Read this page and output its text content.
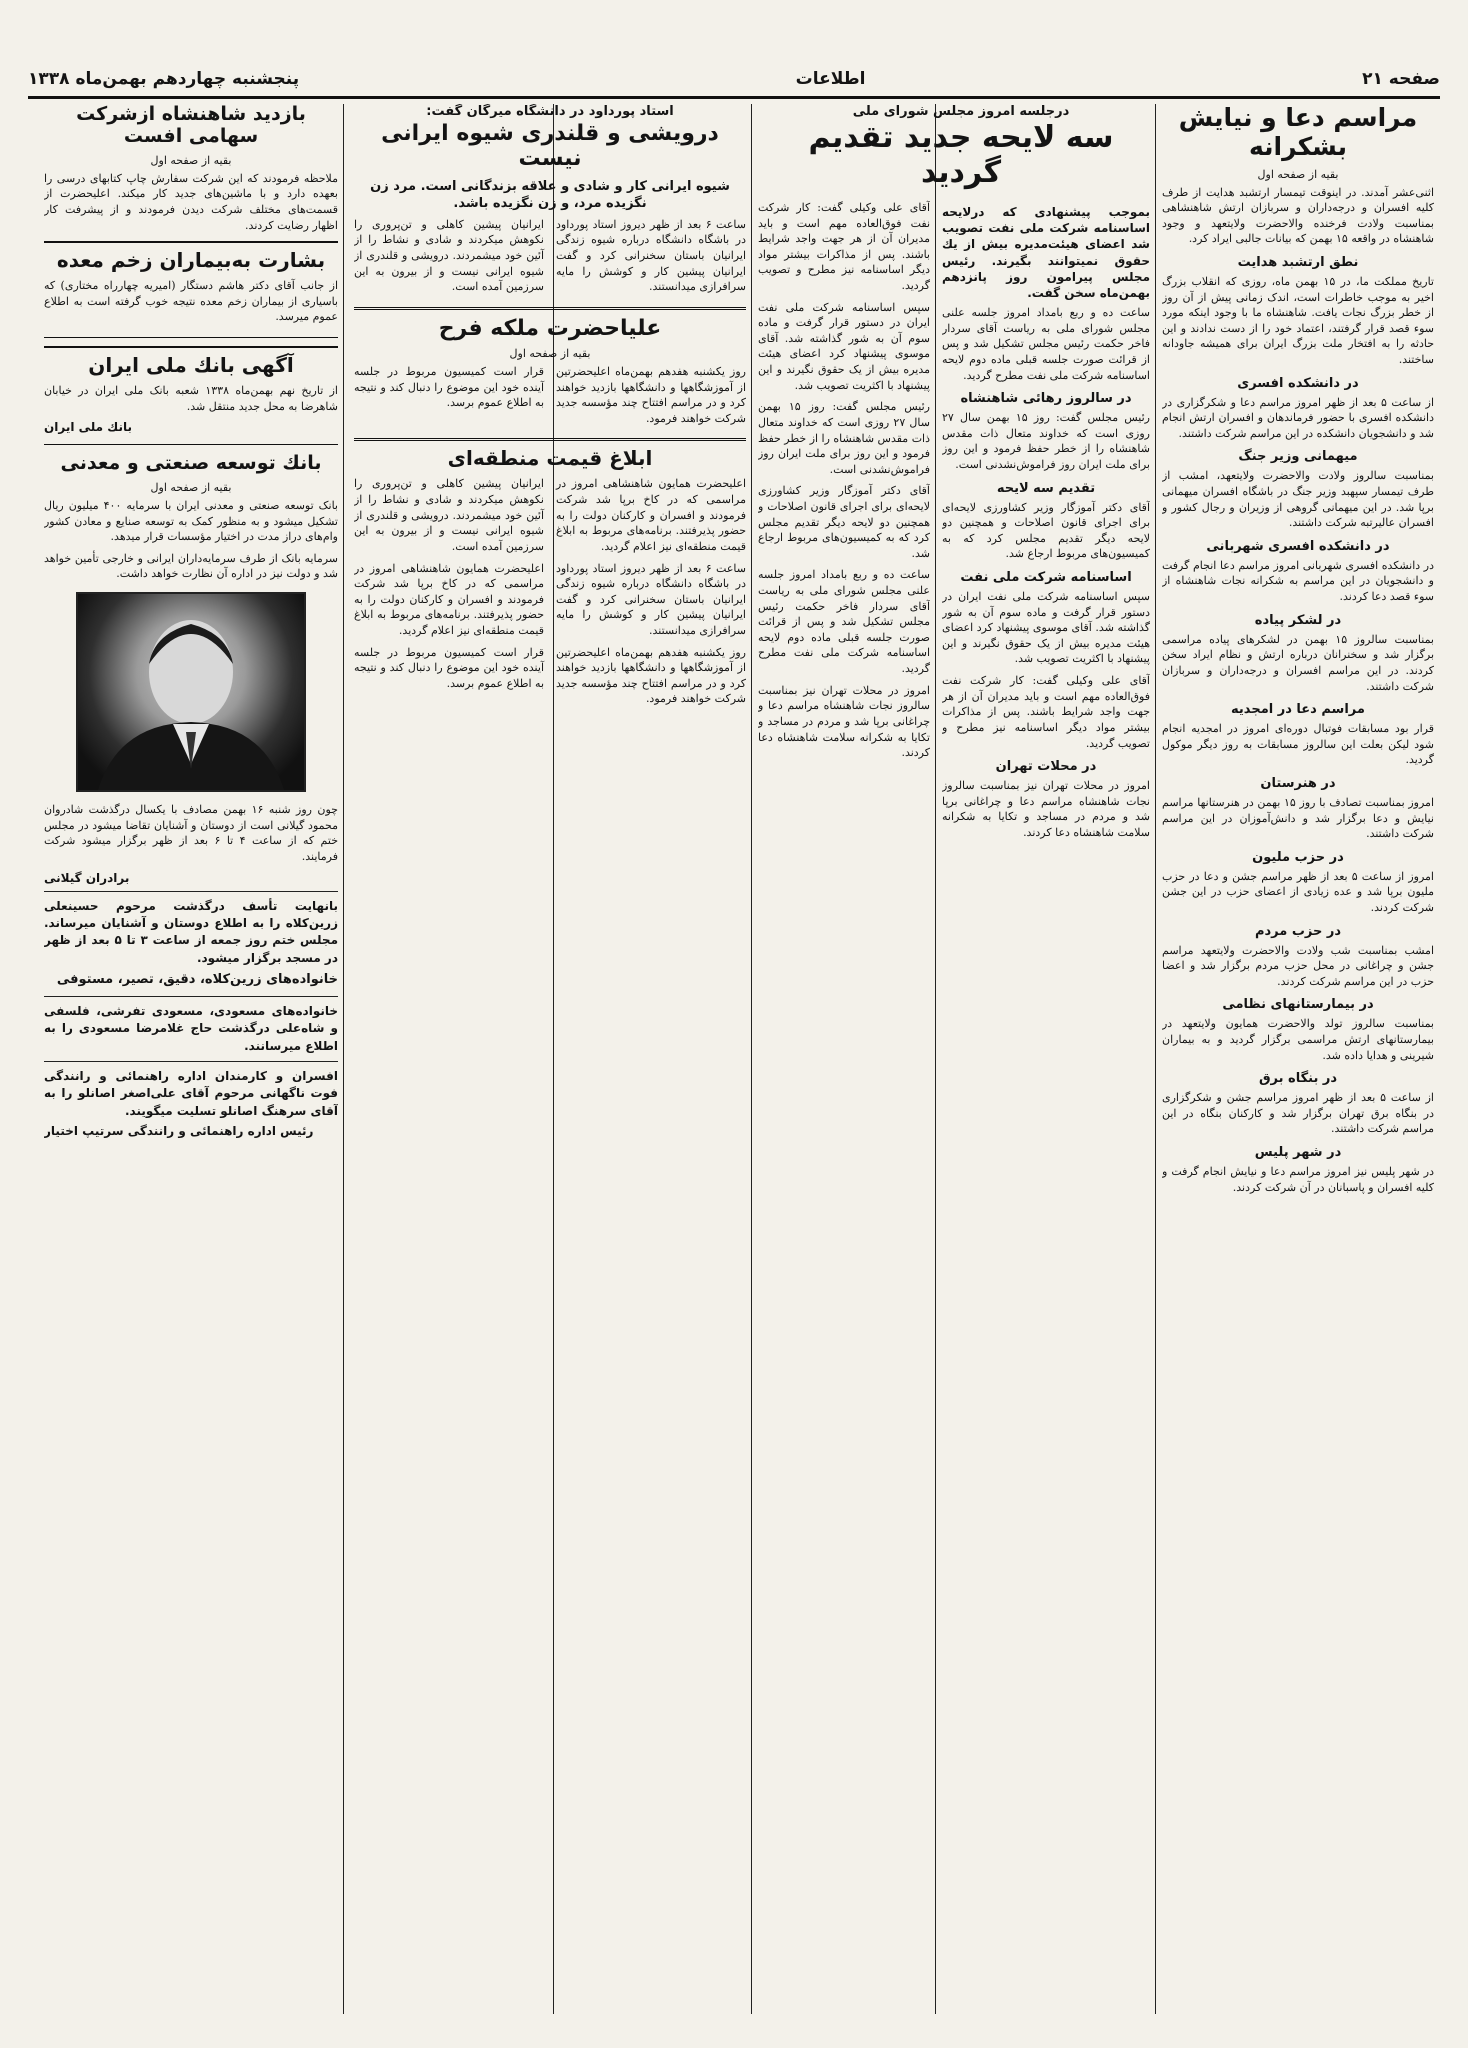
صفحه ۲۱
اطلاعات
پنجشنبه چهاردهم بهمن‌ماه ۱۳۳۸
مراسم دعا و نیایش بشکرانه
بقیه از صفحه اول

اثنی‌عشر آمدند. در اینوقت تیمسار ارتشبد هدایت از طرف کلیه افسران و درجه‌داران و سربازان ارتش شاهنشاهی بمناسبت ولادت فرخنده والاحضرت ولایتعهد و وجود شاهنشاه در واقعه ۱۵ بهمن که بیانات جالبی ایراد کرد.

نطق ارتشبد هدایت

تاریخ مملکت ما، در ۱۵ بهمن ماه، روزی که انقلاب بزرگ اخیر به موجب خاطرات است، اندک زمانی پیش از آن روز از خطر بزرگ نجات یافت. شاهنشاه ما با وجود اینکه مورد سوء قصد قرار گرفتند، اعتماد خود را از دست ندادند و این حادثه را به افتخار ملت بزرگ ایران برای همیشه جاودانه ساختند.

در دانشکده افسری

از ساعت ۵ بعد از ظهر امروز مراسم دعا و شکرگزاری در دانشکده افسری با حضور فرماندهان و افسران ارتش انجام شد و دانشجویان دانشکده در این مراسم شرکت داشتند.

میهمانی وزیر جنگ

بمناسبت سالروز ولادت والاحضرت ولایتعهد، امشب از طرف تیمسار سپهبد وزیر جنگ در باشگاه افسران میهمانی برپا شد. در این میهمانی گروهی از وزیران و رجال کشور و افسران عالیرتبه شرکت داشتند.

در دانشکده افسری شهربانی

در دانشکده افسری شهربانی امروز مراسم دعا انجام گرفت و دانشجویان در این مراسم به شکرانه نجات شاهنشاه از سوء قصد دعا کردند.

در لشکر پیاده

بمناسبت سالروز ۱۵ بهمن در لشکرهای پیاده مراسمی برگزار شد و سخنرانان درباره ارتش و نظام ایراد سخن کردند. در این مراسم افسران و درجه‌داران و سربازان شرکت داشتند.

مراسم دعا در امجدیه

قرار بود مسابقات فوتبال دوره‌ای امروز در امجدیه انجام شود لیکن بعلت این سالروز مسابقات به روز دیگر موکول گردید.

در هنرستان

امروز بمناسبت تصادف با روز ۱۵ بهمن در هنرستانها مراسم نیایش و دعا برگزار شد و دانش‌آموزان در این مراسم شرکت داشتند.

در حزب ملیون

امروز از ساعت ۵ بعد از ظهر مراسم جشن و دعا در حزب ملیون برپا شد و عده زیادی از اعضای حزب در این جشن شرکت کردند.

در حزب مردم

امشب بمناسبت شب ولادت والاحضرت ولایتعهد مراسم جشن و چراغانی در محل حزب مردم برگزار شد و اعضا حزب در این مراسم شرکت کردند.

در بیمارستانهای نظامی

بمناسبت سالروز تولد والاحضرت همایون ولایتعهد در بیمارستانهای ارتش مراسمی برگزار گردید و به بیماران شیرینی و هدایا داده شد.

در بنگاه برق

از ساعت ۵ بعد از ظهر امروز مراسم جشن و شکرگزاری در بنگاه برق تهران برگزار شد و کارکنان بنگاه در این مراسم شرکت داشتند.

در شهر پلیس

در شهر پلیس نیز امروز مراسم دعا و نیایش انجام گرفت و کلیه افسران و پاسبانان در آن شرکت کردند.

درجلسه امروز مجلس شورای ملی
سه لایحه جدید تقدیم گردید

بموجب پیشنهادی که درلایحه اساسنامه شرکت ملی نفت تصویب شد اعضای هیئت‌مدیره بیش از یك حقوق نمیتوانند بگیرند. رئیس مجلس پیرامون روز پانزدهم بهمن‌ماه سخن گفت.

ساعت ده و ربع بامداد امروز جلسه علنی مجلس شورای ملی به ریاست آقای سردار فاخر حکمت رئیس مجلس تشکیل شد و پس از قرائت صورت جلسه قبلی ماده دوم لایحه اساسنامه شرکت ملی نفت مطرح گردید.

در سالروز رهائی شاهنشاه

رئیس مجلس گفت: روز ۱۵ بهمن سال ۲۷ روزی است که خداوند متعال ذات مقدس شاهنشاه را از خطر حفظ فرمود و این روز برای ملت ایران روز فراموش‌نشدنی است.

تقدیم سه لایحه

آقای دکتر آموزگار وزیر کشاورزی لایحه‌ای برای اجرای قانون اصلاحات و همچنین دو لایحه دیگر تقدیم مجلس کرد که به کمیسیون‌های مربوط ارجاع شد.

اساسنامه شرکت ملی نفت

سپس اساسنامه شرکت ملی نفت ایران در دستور قرار گرفت و ماده سوم آن به شور گذاشته شد. آقای موسوی پیشنهاد کرد اعضای هیئت مدیره بیش از یک حقوق نگیرند و این پیشنهاد با اکثریت تصویب شد.

آقای علی وکیلی گفت: کار شرکت نفت فوق‌العاده مهم است و باید مدیران آن از هر جهت واجد شرایط باشند. پس از مذاکرات بیشتر مواد دیگر اساسنامه نیز مطرح و تصویب گردید.

در محلات تهران

امروز در محلات تهران نیز بمناسبت سالروز نجات شاهنشاه مراسم دعا و چراغانی برپا شد و مردم در مساجد و تکایا به شکرانه سلامت شاهنشاه دعا کردند.

آقای علی وکیلی گفت: کار شرکت نفت فوق‌العاده مهم است و باید مدیران آن از هر جهت واجد شرایط باشند. پس از مذاکرات بیشتر مواد دیگر اساسنامه نیز مطرح و تصویب گردید.

سپس اساسنامه شرکت ملی نفت ایران در دستور قرار گرفت و ماده سوم آن به شور گذاشته شد. آقای موسوی پیشنهاد کرد اعضای هیئت مدیره بیش از یک حقوق نگیرند و این پیشنهاد با اکثریت تصویب شد.

رئیس مجلس گفت: روز ۱۵ بهمن سال ۲۷ روزی است که خداوند متعال ذات مقدس شاهنشاه را از خطر حفظ فرمود و این روز برای ملت ایران روز فراموش‌نشدنی است.

آقای دکتر آموزگار وزیر کشاورزی لایحه‌ای برای اجرای قانون اصلاحات و همچنین دو لایحه دیگر تقدیم مجلس کرد که به کمیسیون‌های مربوط ارجاع شد.

ساعت ده و ربع بامداد امروز جلسه علنی مجلس شورای ملی به ریاست آقای سردار فاخر حکمت رئیس مجلس تشکیل شد و پس از قرائت صورت جلسه قبلی ماده دوم لایحه اساسنامه شرکت ملی نفت مطرح گردید.

امروز در محلات تهران نیز بمناسبت سالروز نجات شاهنشاه مراسم دعا و چراغانی برپا شد و مردم در مساجد و تکایا به شکرانه سلامت شاهنشاه دعا کردند.

استاد پورداود در دانشگاه میرگان گفت:
درویشی و قلندری شیوه ایرانی نیست

شیوه ایرانی کار و شادی و علاقه بزندگانی است. مرد زن نگزیده مرد، و زن نگزیده باشد.

ساعت ۶ بعد از ظهر دیروز استاد پورداود در باشگاه دانشگاه درباره شیوه زندگی ایرانیان باستان سخنرانی کرد و گفت ایرانیان پیشین کار و کوشش را مایه سرافرازی میدانستند.

ایرانیان پیشین کاهلی و تن‌پروری را نکوهش میکردند و شادی و نشاط را از آئین خود میشمردند. درویشی و قلندری از شیوه ایرانی نیست و از بیرون به این سرزمین آمده است.

علیاحضرت ملکه فرح
بقیه از صفحه اول

روز یکشنبه هفدهم بهمن‌ماه اعلیحضرتین از آموزشگاهها و دانشگاهها بازدید خواهند کرد و در مراسم افتتاح چند مؤسسه جدید شرکت خواهند فرمود.

قرار است کمیسیون مربوط در جلسه آینده خود این موضوع را دنبال کند و نتیجه به اطلاع عموم برسد.

ابلاغ قیمت منطقه‌ای

اعلیحضرت همایون شاهنشاهی امروز در مراسمی که در کاخ برپا شد شرکت فرمودند و افسران و کارکنان دولت را به حضور پذیرفتند. برنامه‌های مربوط به ابلاغ قیمت منطقه‌ای نیز اعلام گردید.

ساعت ۶ بعد از ظهر دیروز استاد پورداود در باشگاه دانشگاه درباره شیوه زندگی ایرانیان باستان سخنرانی کرد و گفت ایرانیان پیشین کار و کوشش را مایه سرافرازی میدانستند.

روز یکشنبه هفدهم بهمن‌ماه اعلیحضرتین از آموزشگاهها و دانشگاهها بازدید خواهند کرد و در مراسم افتتاح چند مؤسسه جدید شرکت خواهند فرمود.

ایرانیان پیشین کاهلی و تن‌پروری را نکوهش میکردند و شادی و نشاط را از آئین خود میشمردند. درویشی و قلندری از شیوه ایرانی نیست و از بیرون به این سرزمین آمده است.

اعلیحضرت همایون شاهنشاهی امروز در مراسمی که در کاخ برپا شد شرکت فرمودند و افسران و کارکنان دولت را به حضور پذیرفتند. برنامه‌های مربوط به ابلاغ قیمت منطقه‌ای نیز اعلام گردید.

قرار است کمیسیون مربوط در جلسه آینده خود این موضوع را دنبال کند و نتیجه به اطلاع عموم برسد.

بازدید شاهنشاه ازشرکت سهامی افست
بقیه از صفحه اول

ملاحظه فرمودند که این شرکت سفارش چاپ کتابهای درسی را بعهده دارد و با ماشین‌های جدید کار میکند. اعلیحضرت از قسمت‌های مختلف شرکت دیدن فرمودند و از پیشرفت کار اظهار رضایت کردند.

بشارت به‌بیماران زخم معده

از جانب آقای دکتر هاشم دستگار (امیریه چهارراه مختاری) که باسیاری از بیماران زخم معده نتیجه خوب گرفته است به اطلاع عموم میرسد.

آگهی بانك ملی ایران

از تاریخ نهم بهمن‌ماه ۱۳۳۸ شعبه بانک ملی ایران در خیابان شاهرضا به محل جدید منتقل شد.

بانك ملی ایران
بانك توسعه صنعتی و معدنی
بقیه از صفحه اول

بانک توسعه صنعتی و معدنی ایران با سرمایه ۴۰۰ میلیون ریال تشکیل میشود و به منظور کمک به توسعه صنایع و معادن کشور وام‌های دراز مدت در اختیار مؤسسات قرار میدهد.

سرمایه بانک از طرف سرمایه‌داران ایرانی و خارجی تأمین خواهد شد و دولت نیز در اداره آن نظارت خواهد داشت.

چون روز شنبه ۱۶ بهمن مصادف با یکسال درگذشت شادروان محمود گیلانی است از دوستان و آشنایان تقاضا میشود در مجلس ختم که از ساعت ۴ تا ۶ بعد از ظهر برگزار میشود شرکت فرمایند.

برادران گیلانی

بانهایت تأسف درگذشت مرحوم حسینعلی زرین‌کلاه را به اطلاع دوستان و آشنایان میرساند. مجلس ختم روز جمعه از ساعت ۳ تا ۵ بعد از ظهر در مسجد برگزار میشود.

خانواده‌های زرین‌کلاه، دقیق، تصیر، مستوفی

خانواده‌های مسعودی، مسعودی تفرشی، فلسفی و شاه‌علی درگذشت حاج غلامرضا مسعودی را به اطلاع میرسانند.

افسران و کارمندان اداره راهنمائی و رانندگی فوت ناگهانی مرحوم آقای علی‌اصغر اصانلو را به آقای سرهنگ اصانلو تسلیت میگویند.

رئیس اداره راهنمائی و رانندگی سرتیپ اختیار
